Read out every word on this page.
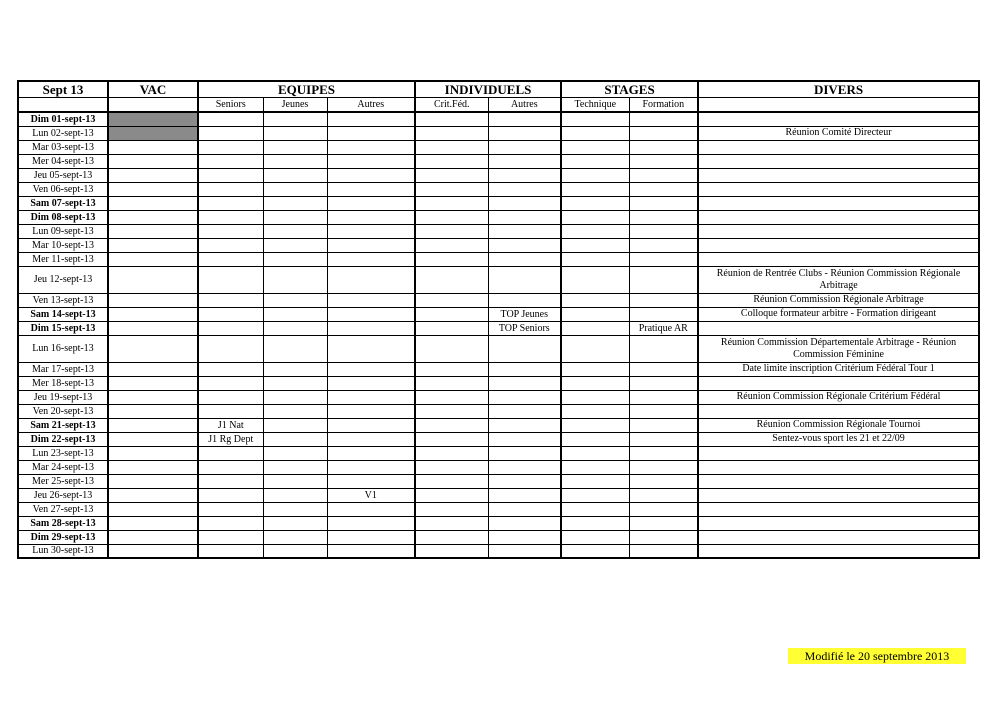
Sept 13	VAC	EQUIPES			INDIVIDUELS		STAGES		DIVERS
		Seniors	Jeunes	Autres	Crit.Féd.	Autres	Technique	Formation	
Dim 01-sept-13									
Lun 02-sept-13									Réunion Comité Directeur
Mar 03-sept-13									
Mer 04-sept-13									
Jeu 05-sept-13									
Ven 06-sept-13									
Sam 07-sept-13									
Dim 08-sept-13									
Lun 09-sept-13									
Mar 10-sept-13									
Mer 11-sept-13									
Jeu 12-sept-13									Réunion de Rentrée Clubs - Réunion Commission Régionale Arbitrage
Ven 13-sept-13									Réunion Commission Régionale Arbitrage
Sam 14-sept-13						TOP Jeunes			Colloque formateur arbitre - Formation dirigeant
Dim 15-sept-13						TOP Seniors		Pratique AR	
Lun 16-sept-13									Réunion Commission Départementale Arbitrage - Réunion Commission Féminine
Mar 17-sept-13									Date limite inscription Critérium Fédéral Tour 1
Mer 18-sept-13									
Jeu 19-sept-13									Réunion Commission Régionale Critérium Fédéral
Ven 20-sept-13									
Sam 21-sept-13		J1 Nat							Réunion Commission Régionale Tournoi
Dim 22-sept-13		J1 Rg Dept							Sentez-vous sport les 21 et 22/09
Lun 23-sept-13									
Mar 24-sept-13									
Mer 25-sept-13									
Jeu 26-sept-13				V1					
Ven 27-sept-13									
Sam 28-sept-13									
Dim 29-sept-13									
Lun 30-sept-13									
Modifié le 20 septembre 2013
